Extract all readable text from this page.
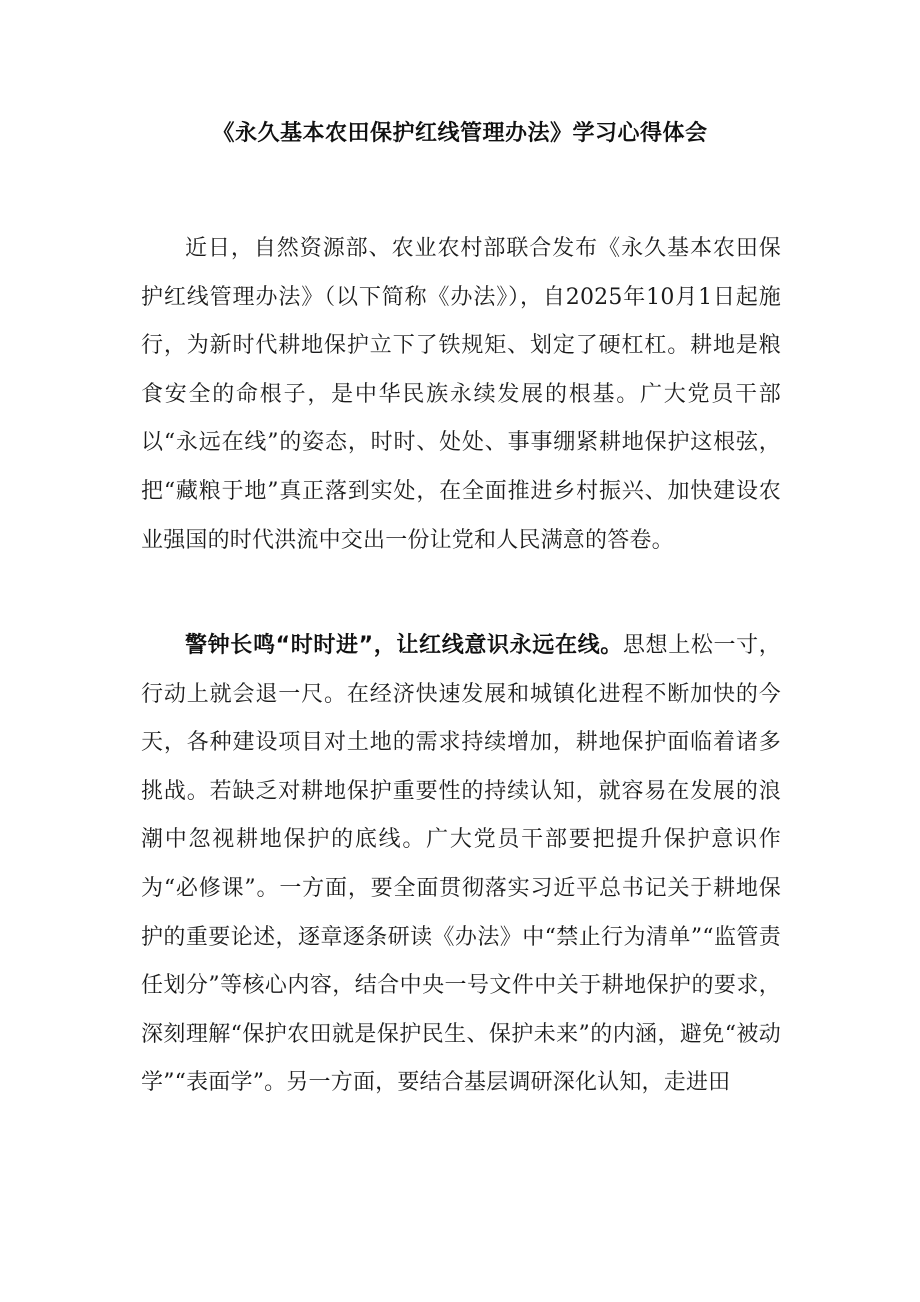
《永久基本农田保护红线管理办法》学习心得体会

近日，自然资源部、农业农村部联合发布《永久基本农田保护红线管理办法》（以下简称《办法》），自2025年10月1日起施行，为新时代耕地保护立下了铁规矩、划定了硬杠杠。耕地是粮食安全的命根子，是中华民族永续发展的根基。广大党员干部以“永远在线”的姿态，时时、处处、事事绷紧耕地保护这根弦，把“藏粮于地”真正落到实处，在全面推进乡村振兴、加快建设农业强国的时代洪流中交出一份让党和人民满意的答卷。

警钟长鸣“时时进”，让红线意识永远在线。思想上松一寸，行动上就会退一尺。在经济快速发展和城镇化进程不断加快的今天，各种建设项目对土地的需求持续增加，耕地保护面临着诸多挑战。若缺乏对耕地保护重要性的持续认知，就容易在发展的浪潮中忽视耕地保护的底线。广大党员干部要把提升保护意识作为“必修课”。一方面，要全面贯彻落实习近平总书记关于耕地保护的重要论述，逐章逐条研读《办法》中“禁止行为清单”“监管责任划分”等核心内容，结合中央一号文件中关于耕地保护的要求，深刻理解“保护农田就是保护民生、保护未来”的内涵，避免“被动学”“表面学”。另一方面，要结合基层调研深化认知，走进田
